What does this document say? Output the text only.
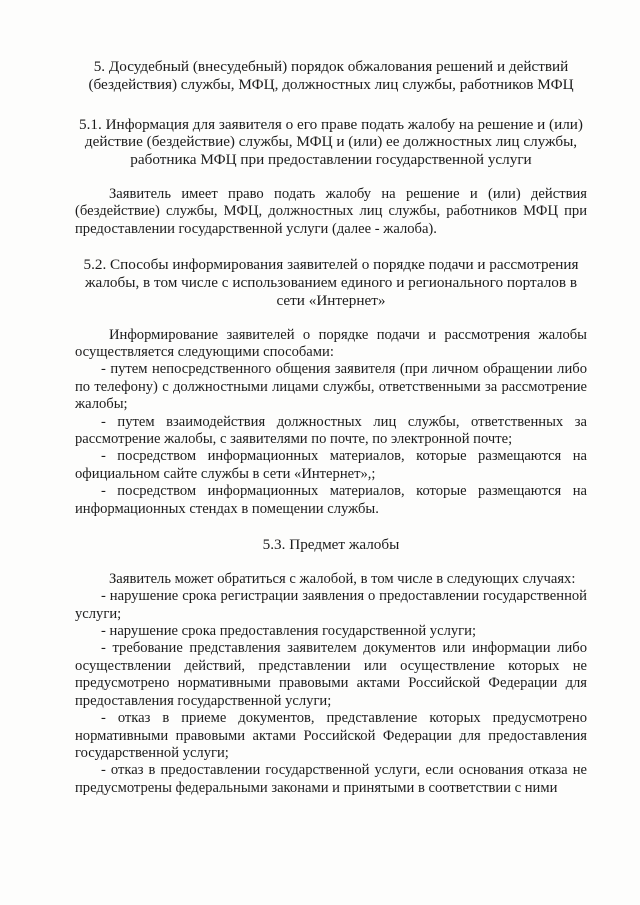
5. Досудебный (внесудебный) порядок обжалования решений и действий (бездействия) службы, МФЦ, должностных лиц службы, работников МФЦ

5.1. Информация для заявителя о его праве подать жалобу на решение и (или) действие (бездействие) службы, МФЦ и (или) ее должностных лиц службы, работника МФЦ при предоставлении государственной услуги

Заявитель имеет право подать жалобу на решение и (или) действия (бездействие) службы, МФЦ, должностных лиц службы, работников МФЦ при предоставлении государственной услуги (далее - жалоба).

5.2. Способы информирования заявителей о порядке подачи и рассмотрения жалобы, в том числе с использованием единого и регионального порталов в сети «Интернет»

Информирование заявителей о порядке подачи и рассмотрения жалобы осуществляется следующими способами:

- путем непосредственного общения заявителя (при личном обращении либо по телефону) с должностными лицами службы, ответственными за рассмотрение жалобы;

- путем взаимодействия должностных лиц службы, ответственных за рассмотрение жалобы, с заявителями по почте, по электронной почте;

- посредством информационных материалов, которые размещаются на официальном сайте службы в сети «Интернет»,;

- посредством информационных материалов, которые размещаются на информационных стендах в помещении службы.

5.3. Предмет жалобы

Заявитель может обратиться с жалобой, в том числе в следующих случаях:

- нарушение срока регистрации заявления о предоставлении государственной услуги;

- нарушение срока предоставления государственной услуги;

- требование представления заявителем документов или информации либо осуществлении действий, представлении или осуществление которых не предусмотрено нормативными правовыми актами Российской Федерации для предоставления государственной услуги;

- отказ в приеме документов, представление которых предусмотрено нормативными правовыми актами Российской Федерации для предоставления государственной услуги;

- отказ в предоставлении государственной услуги, если основания отказа не предусмотрены федеральными законами и принятыми в соответствии с ними
